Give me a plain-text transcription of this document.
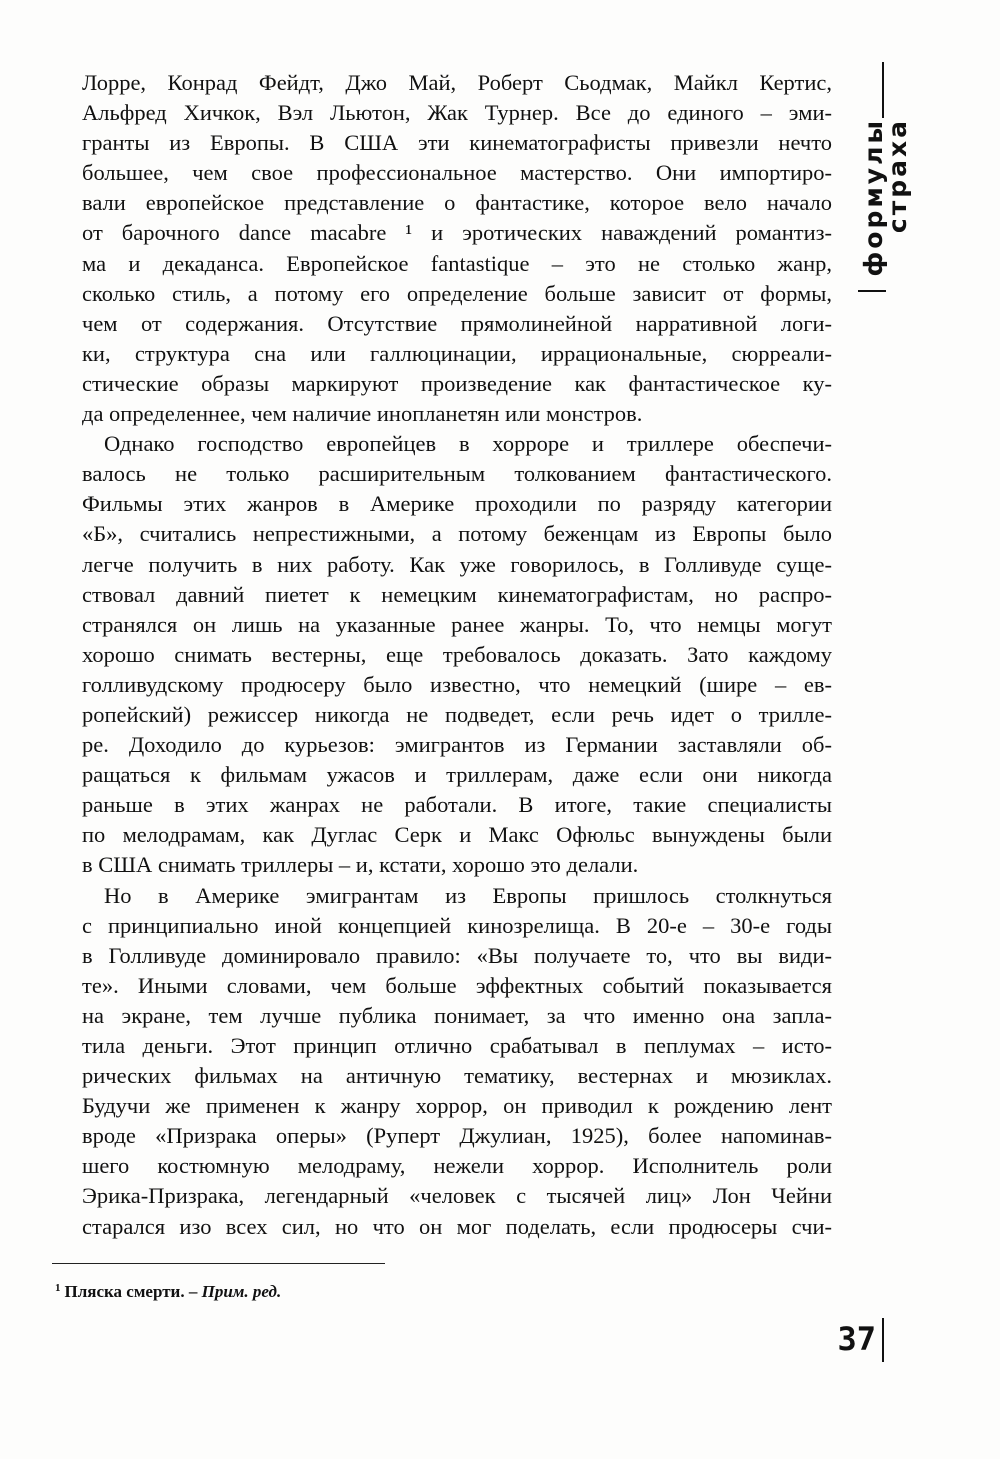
формулы
страха
Лорре, Конрад Фейдт, Джо Май, Роберт Сьодмак, Майкл Кертис,
Альфред Хичкок, Вэл Льютон, Жак Турнер. Все до единого – эми-
гранты из Европы. В США эти кинематографисты привезли нечто
большее, чем свое профессиональное мастерство. Они импортиро-
вали европейское представление о фантастике, которое вело начало
от барочного dance macabre ¹ и эротических наваждений романтиз-
ма и декаданса. Европейское fantastique – это не столько жанр,
сколько стиль, а потому его определение больше зависит от формы,
чем от содержания. Отсутствие прямолинейной нарративной логи-
ки, структура сна или галлюцинации, иррациональные, сюрреали-
стические образы маркируют произведение как фантастическое ку-
да определеннее, чем наличие инопланетян или монстров.
Однако господство европейцев в хорроре и триллере обеспечи-
валось не только расширительным толкованием фантастического.
Фильмы этих жанров в Америке проходили по разряду категории
«Б», считались непрестижными, а потому беженцам из Европы было
легче получить в них работу. Как уже говорилось, в Голливуде суще-
ствовал давний пиетет к немецким кинематографистам, но распро-
странялся он лишь на указанные ранее жанры. То, что немцы могут
хорошо снимать вестерны, еще требовалось доказать. Зато каждому
голливудскому продюсеру было известно, что немецкий (шире – ев-
ропейский) режиссер никогда не подведет, если речь идет о трилле-
ре. Доходило до курьезов: эмигрантов из Германии заставляли об-
ращаться к фильмам ужасов и триллерам, даже если они никогда
раньше в этих жанрах не работали. В итоге, такие специалисты
по мелодрамам, как Дуглас Серк и Макс Офюльс вынуждены были
в США снимать триллеры – и, кстати, хорошо это делали.
Но в Америке эмигрантам из Европы пришлось столкнуться
с принципиально иной концепцией кинозрелища. В 20-е – 30-е годы
в Голливуде доминировало правило: «Вы получаете то, что вы види-
те». Иными словами, чем больше эффектных событий показывается
на экране, тем лучше публика понимает, за что именно она запла-
тила деньги. Этот принцип отлично срабатывал в пеплумах – исто-
рических фильмах на античную тематику, вестернах и мюзиклах.
Будучи же применен к жанру хоррор, он приводил к рождению лент
вроде «Призрака оперы» (Руперт Джулиан, 1925), более напоминав-
шего костюмную мелодраму, нежели хоррор. Исполнитель роли
Эрика-Призрака, легендарный «человек с тысячей лиц» Лон Чейни
старался изо всех сил, но что он мог поделать, если продюсеры счи-
$^1$ Пляска смерти. – Прим. ред.
37
